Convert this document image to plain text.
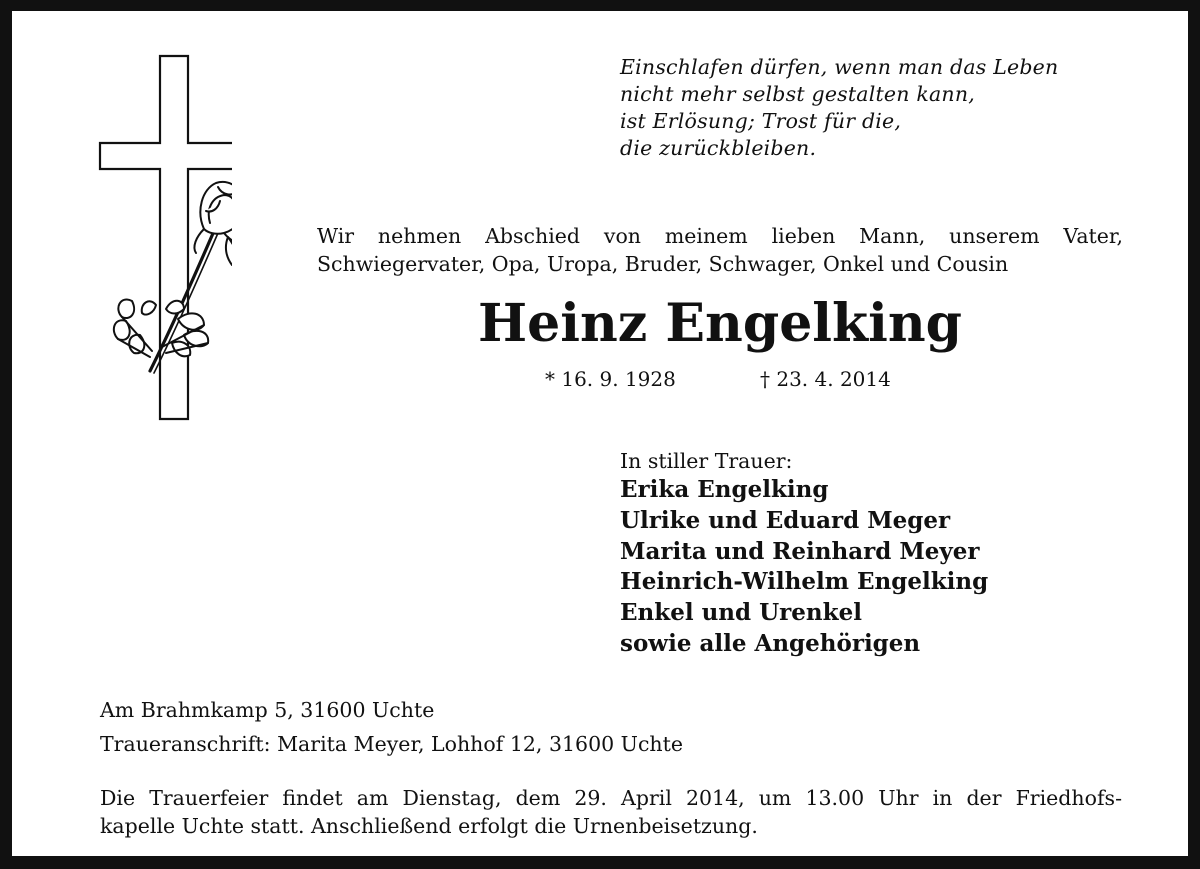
Einschlafen dürfen, wenn man das Leben
nicht mehr selbst gestalten kann,
ist Erlösung; Trost für die,
die zurückbleiben.
Wir nehmen Abschied von meinem lieben Mann, unserem Vater,
Schwiegervater, Opa, Uropa, Bruder, Schwager, Onkel und Cousin
Heinz Engelking
* 16. 9. 1928	† 23. 4. 2014
In stiller Trauer:
Erika Engelking
Ulrike und Eduard Meger
Marita und Reinhard Meyer
Heinrich-Wilhelm Engelking
Enkel und Urenkel
sowie alle Angehörigen
Am Brahmkamp 5, 31600 Uchte
Traueranschrift: Marita Meyer, Lohhof 12, 31600 Uchte
Die Trauerfeier findet am Dienstag, dem 29. April 2014, um 13.00 Uhr in der Friedhofs-
kapelle Uchte statt. Anschließend erfolgt die Urnenbeisetzung.
